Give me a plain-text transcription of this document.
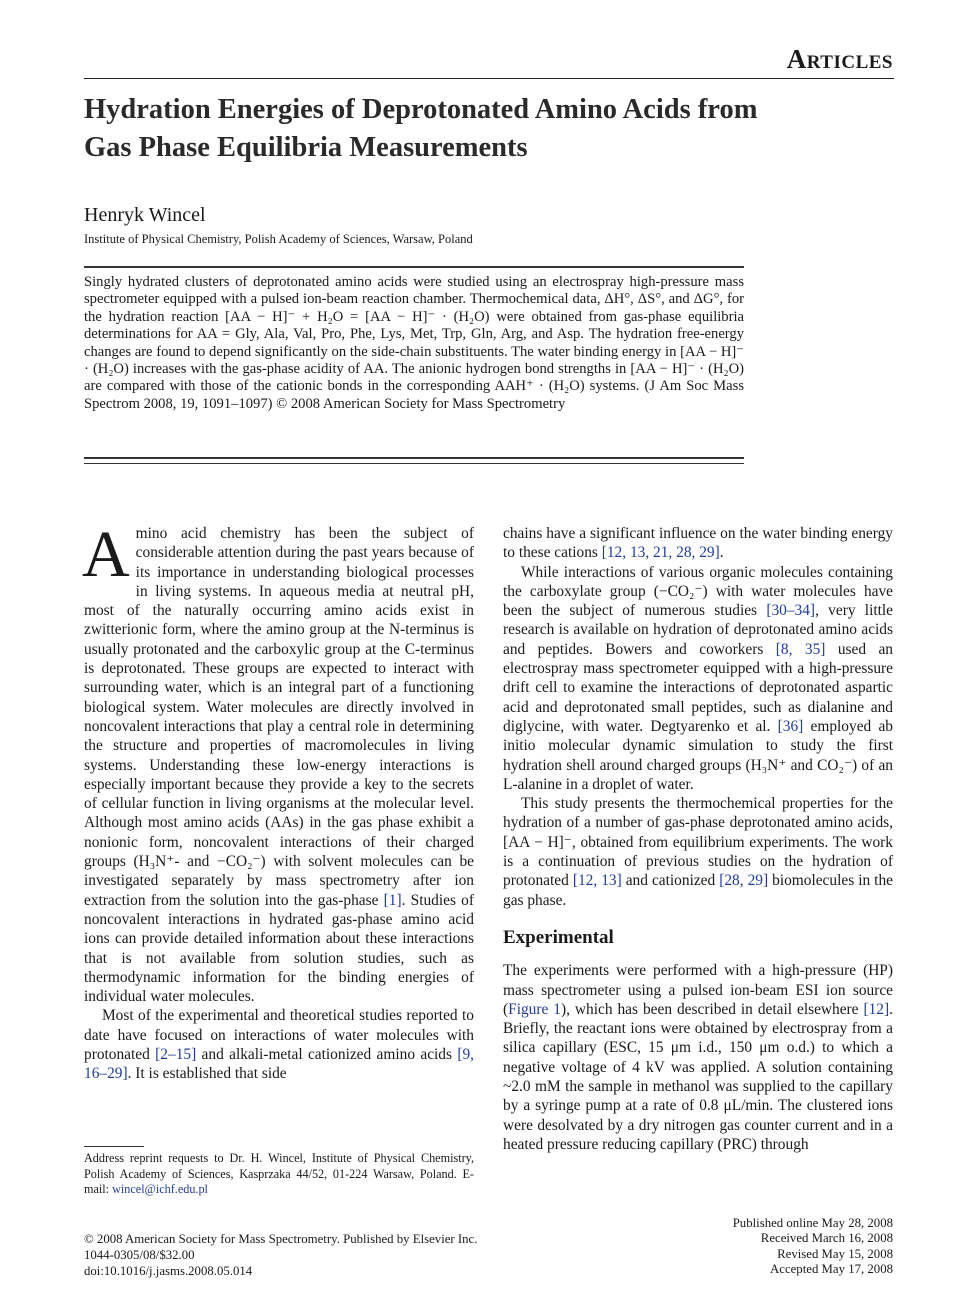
Articles
Hydration Energies of Deprotonated Amino Acids from Gas Phase Equilibria Measurements
Henryk Wincel
Institute of Physical Chemistry, Polish Academy of Sciences, Warsaw, Poland
Singly hydrated clusters of deprotonated amino acids were studied using an electrospray high-pressure mass spectrometer equipped with a pulsed ion-beam reaction chamber. Thermochemical data, ΔH°, ΔS°, and ΔG°, for the hydration reaction [AA − H]⁻ + H₂O = [AA − H]⁻ · (H₂O) were obtained from gas-phase equilibria determinations for AA = Gly, Ala, Val, Pro, Phe, Lys, Met, Trp, Gln, Arg, and Asp. The hydration free-energy changes are found to depend significantly on the side-chain substituents. The water binding energy in [AA − H]⁻ · (H₂O) increases with the gas-phase acidity of AA. The anionic hydrogen bond strengths in [AA − H]⁻ · (H₂O) are compared with those of the cationic bonds in the corresponding AAH⁺ · (H₂O) systems. (J Am Soc Mass Spectrom 2008, 19, 1091–1097) © 2008 American Society for Mass Spectrometry

Amino acid chemistry has been the subject of considerable attention during the past years because of its importance in understanding biological processes in living systems. In aqueous media at neutral pH, most of the naturally occurring amino acids exist in zwitterionic form, where the amino group at the N-terminus is usually protonated and the carboxylic group at the C-terminus is deprotonated. These groups are expected to interact with surrounding water, which is an integral part of a functioning biological system. Water molecules are directly involved in noncovalent interactions that play a central role in determining the structure and properties of macromolecules in living systems. Understanding these low-energy interactions is especially important because they provide a key to the secrets of cellular function in living organisms at the molecular level. Although most amino acids (AAs) in the gas phase exhibit a nonionic form, noncovalent interactions of their charged groups (H₃N⁺- and −CO₂⁻) with solvent molecules can be investigated separately by mass spectrometry after ion extraction from the solution into the gas-phase [1]. Studies of noncovalent interactions in hydrated gas-phase amino acid ions can provide detailed information about these interactions that is not available from solution studies, such as thermodynamic information for the binding energies of individual water molecules.

Most of the experimental and theoretical studies reported to date have focused on interactions of water molecules with protonated [2–15] and alkali-metal cationized amino acids [9, 16–29]. It is established that side

chains have a significant influence on the water binding energy to these cations [12, 13, 21, 28, 29].

While interactions of various organic molecules containing the carboxylate group (−CO₂⁻) with water molecules have been the subject of numerous studies [30–34], very little research is available on hydration of deprotonated amino acids and peptides. Bowers and coworkers [8, 35] used an electrospray mass spectrometer equipped with a high-pressure drift cell to examine the interactions of deprotonated aspartic acid and deprotonated small peptides, such as dialanine and diglycine, with water. Degtyarenko et al. [36] employed ab initio molecular dynamic simulation to study the first hydration shell around charged groups (H₃N⁺ and CO₂⁻) of an L-alanine in a droplet of water.

This study presents the thermochemical properties for the hydration of a number of gas-phase deprotonated amino acids, [AA − H]⁻, obtained from equilibrium experiments. The work is a continuation of previous studies on the hydration of protonated [12, 13] and cationized [28, 29] biomolecules in the gas phase.

Experimental

The experiments were performed with a high-pressure (HP) mass spectrometer using a pulsed ion-beam ESI ion source (Figure 1), which has been described in detail elsewhere [12]. Briefly, the reactant ions were obtained by electrospray from a silica capillary (ESC, 15 μm i.d., 150 μm o.d.) to which a negative voltage of 4 kV was applied. A solution containing ~2.0 mM the sample in methanol was supplied to the capillary by a syringe pump at a rate of 0.8 μL/min. The clustered ions were desolvated by a dry nitrogen gas counter current and in a heated pressure reducing capillary (PRC) through

Address reprint requests to Dr. H. Wincel, Institute of Physical Chemistry, Polish Academy of Sciences, Kasprzaka 44/52, 01-224 Warsaw, Poland. E-mail: wincel@ichf.edu.pl
© 2008 American Society for Mass Spectrometry. Published by Elsevier Inc.
1044-0305/08/$32.00
doi:10.1016/j.jasms.2008.05.014
Published online May 28, 2008
Received March 16, 2008
Revised May 15, 2008
Accepted May 17, 2008
